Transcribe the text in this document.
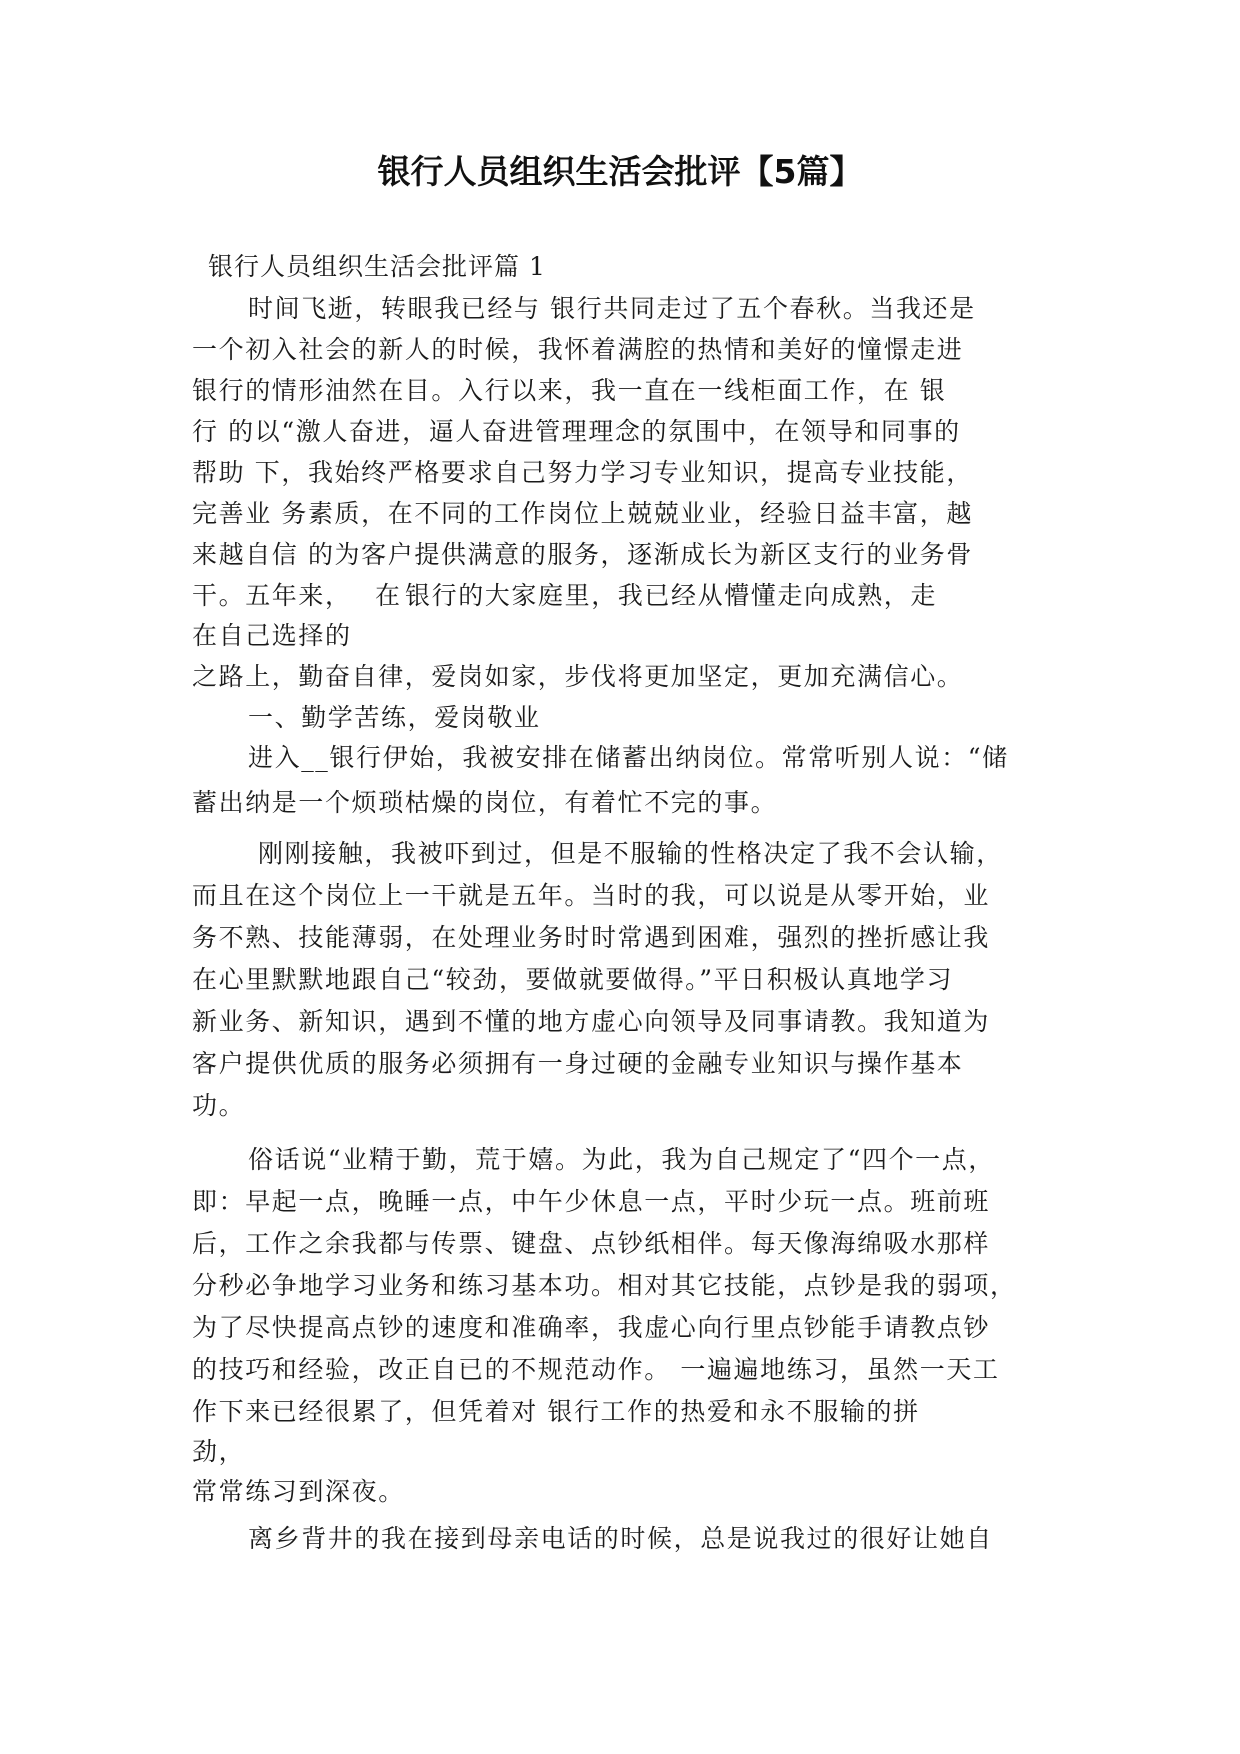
银行人员组织生活会批评【5篇】

银行人员组织生活会批评篇 1

时间飞逝，转眼我已经与 银行共同走过了五个春秋。当我还是

一个初入社会的新人的时候，我怀着满腔的热情和美好的憧憬走进

银行的情形油然在目。入行以来，我一直在一线柜面工作，在 银

行 的以“激人奋进，逼人奋进管理理念的氛围中，在领导和同事的

帮助 下，我始终严格要求自己努力学习专业知识，提高专业技能，

完善业 务素质，在不同的工作岗位上兢兢业业，经验日益丰富，越

来越自信 的为客户提供满意的服务，逐渐成长为新区支行的业务骨

干。五年来， 在 银行的大家庭里，我已经从懵懂走向成熟，走

在自己选择的

之路上，勤奋自律，爱岗如家，步伐将更加坚定，更加充满信心。

一、勤学苦练，爱岗敬业

进入__银行伊始，我被安排在储蓄出纳岗位。常常听别人说：“储

蓄出纳是一个烦琐枯燥的岗位，有着忙不完的事。

刚刚接触，我被吓到过，但是不服输的性格决定了我不会认输，

而且在这个岗位上一干就是五年。当时的我，可以说是从零开始，业

务不熟、技能薄弱，在处理业务时时常遇到困难，强烈的挫折感让我

在心里默默地跟自己“较劲，要做就要做得。”平日积极认真地学习

新业务、新知识，遇到不懂的地方虚心向领导及同事请教。我知道为

客户提供优质的服务必须拥有一身过硬的金融专业知识与操作基本

功。

俗话说“业精于勤，荒于嬉。为此，我为自己规定了“四个一点，

即：早起一点，晚睡一点，中午少休息一点，平时少玩一点。班前班

后，工作之余我都与传票、键盘、点钞纸相伴。每天像海绵吸水那样

分秒必争地学习业务和练习基本功。相对其它技能，点钞是我的弱项，

为了尽快提高点钞的速度和准确率，我虚心向行里点钞能手请教点钞

的技巧和经验，改正自已的不规范动作。 一遍遍地练习，虽然一天工

作下来已经很累了，但凭着对 银行工作的热爱和永不服输的拼

劲，

常常练习到深夜。

离乡背井的我在接到母亲电话的时候，总是说我过的很好让她自
